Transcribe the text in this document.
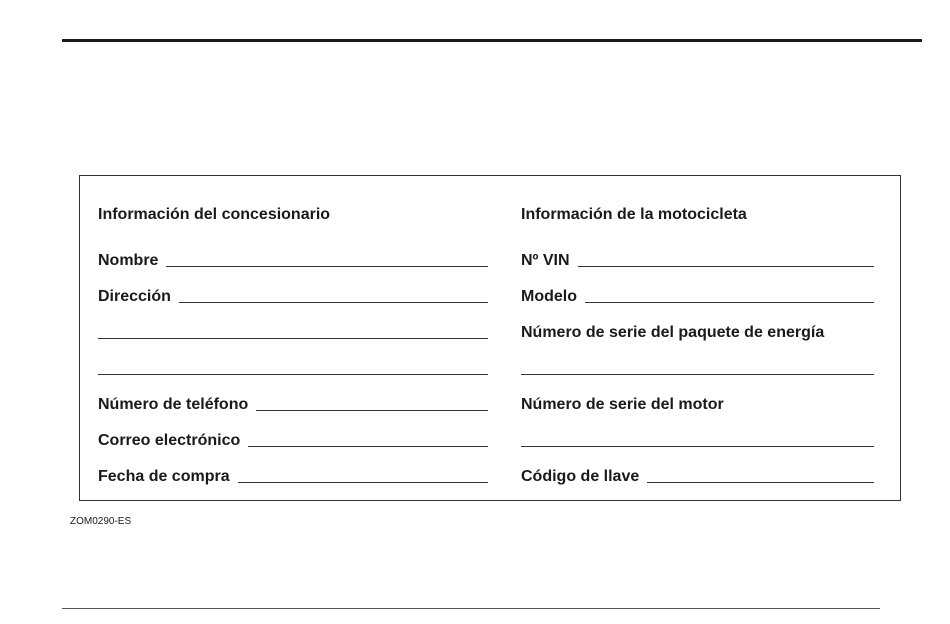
Información del concesionario
Nombre
Dirección
Número de teléfono
Correo electrónico
Fecha de compra
Información de la motocicleta
Nº VIN
Modelo
Número de serie del paquete de energía
Número de serie del motor
Código de llave
ZOM0290-ES
